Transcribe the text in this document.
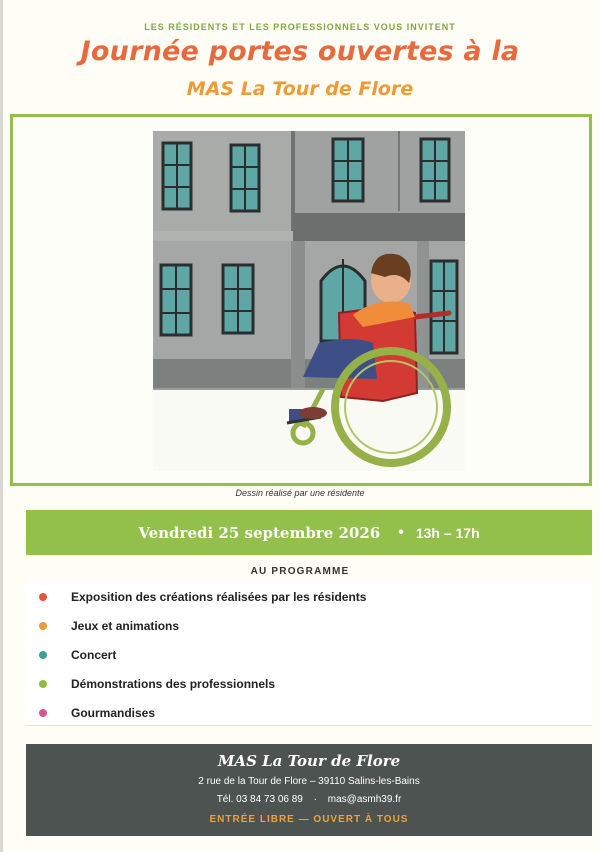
LES RÉSIDENTS ET LES PROFESSIONNELS VOUS INVITENT
Journée portes ouvertes à la
MAS La Tour de Flore
Dessin réalisé par une résidente
Vendredi 25 septembre 2026 • 13h – 17h
AU PROGRAMME
Exposition des créations réalisées par les résidents
Jeux et animations
Concert
Démonstrations des professionnels
Gourmandises
MAS La Tour de Flore
2 rue de la Tour de Flore – 39110 Salins-les-Bains
Tél. 03 84 73 06 89 · mas@asmh39.fr
ENTRÉE LIBRE — OUVERT À TOUS
